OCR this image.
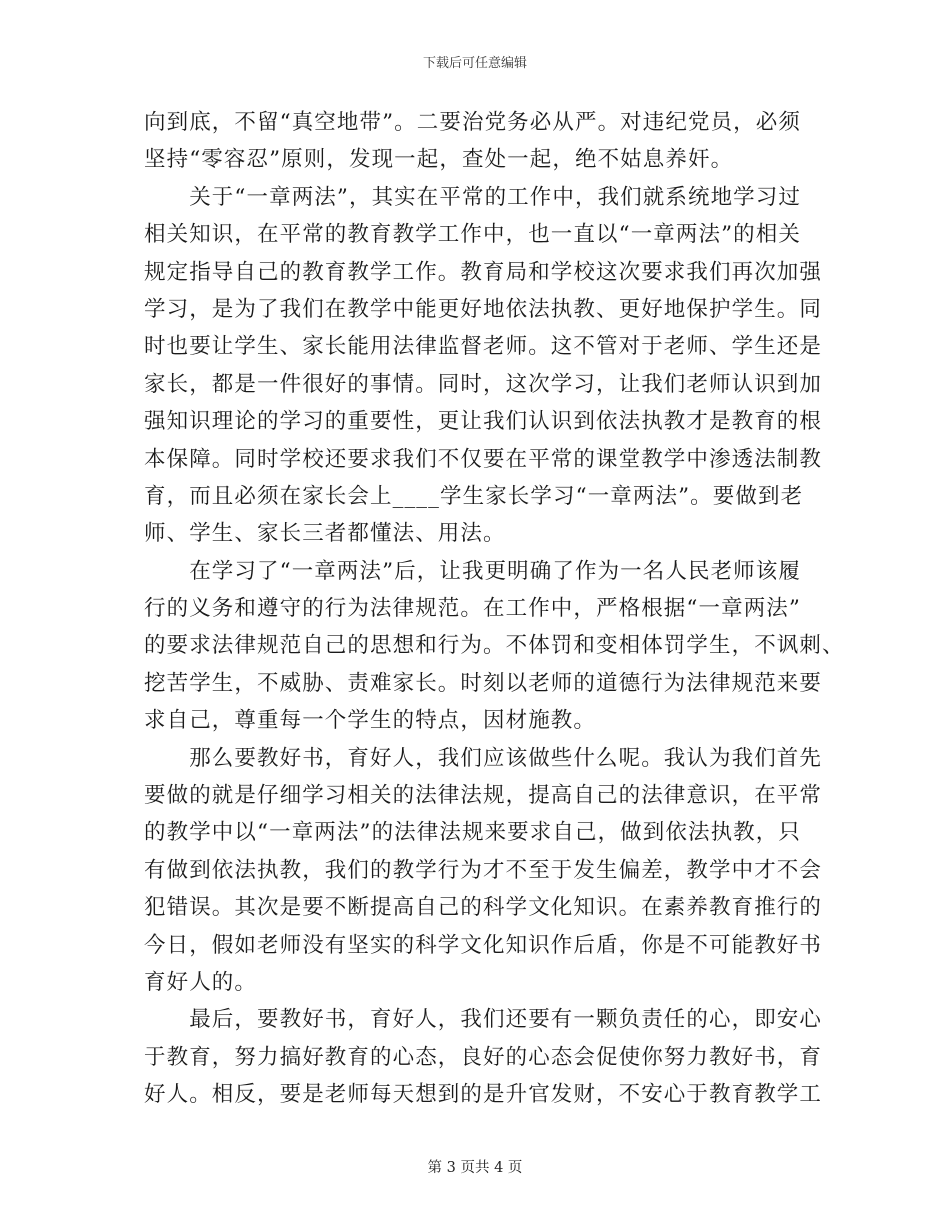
下载后可任意编辑
向到底，不留“真空地带”。二要治党务必从严。对违纪党员，必须
坚持“零容忍”原则，发现一起，查处一起，绝不姑息养奸。
　　关于“一章两法”，其实在平常的工作中，我们就系统地学习过
相关知识，在平常的教育教学工作中，也一直以“一章两法”的相关
规定指导自己的教育教学工作。教育局和学校这次要求我们再次加强
学习，是为了我们在教学中能更好地依法执教、更好地保护学生。同
时也要让学生、家长能用法律监督老师。这不管对于老师、学生还是
家长，都是一件很好的事情。同时，这次学习，让我们老师认识到加
强知识理论的学习的重要性，更让我们认识到依法执教才是教育的根
本保障。同时学校还要求我们不仅要在平常的课堂教学中渗透法制教
育，而且必须在家长会上____学生家长学习“一章两法”。要做到老
师、学生、家长三者都懂法、用法。
　　在学习了“一章两法”后，让我更明确了作为一名人民老师该履
行的义务和遵守的行为法律规范。在工作中，严格根据“一章两法”
的要求法律规范自己的思想和行为。不体罚和变相体罚学生，不讽刺、
挖苦学生，不威胁、责难家长。时刻以老师的道德行为法律规范来要
求自己，尊重每一个学生的特点，因材施教。
　　那么要教好书，育好人，我们应该做些什么呢。我认为我们首先
要做的就是仔细学习相关的法律法规，提高自己的法律意识，在平常
的教学中以“一章两法”的法律法规来要求自己，做到依法执教，只
有做到依法执教，我们的教学行为才不至于发生偏差，教学中才不会
犯错误。其次是要不断提高自己的科学文化知识。在素养教育推行的
今日，假如老师没有坚实的科学文化知识作后盾，你是不可能教好书
育好人的。
　　最后，要教好书，育好人，我们还要有一颗负责任的心，即安心
于教育，努力搞好教育的心态，良好的心态会促使你努力教好书，育
好人。相反，要是老师每天想到的是升官发财，不安心于教育教学工
第 3 页共 4 页
